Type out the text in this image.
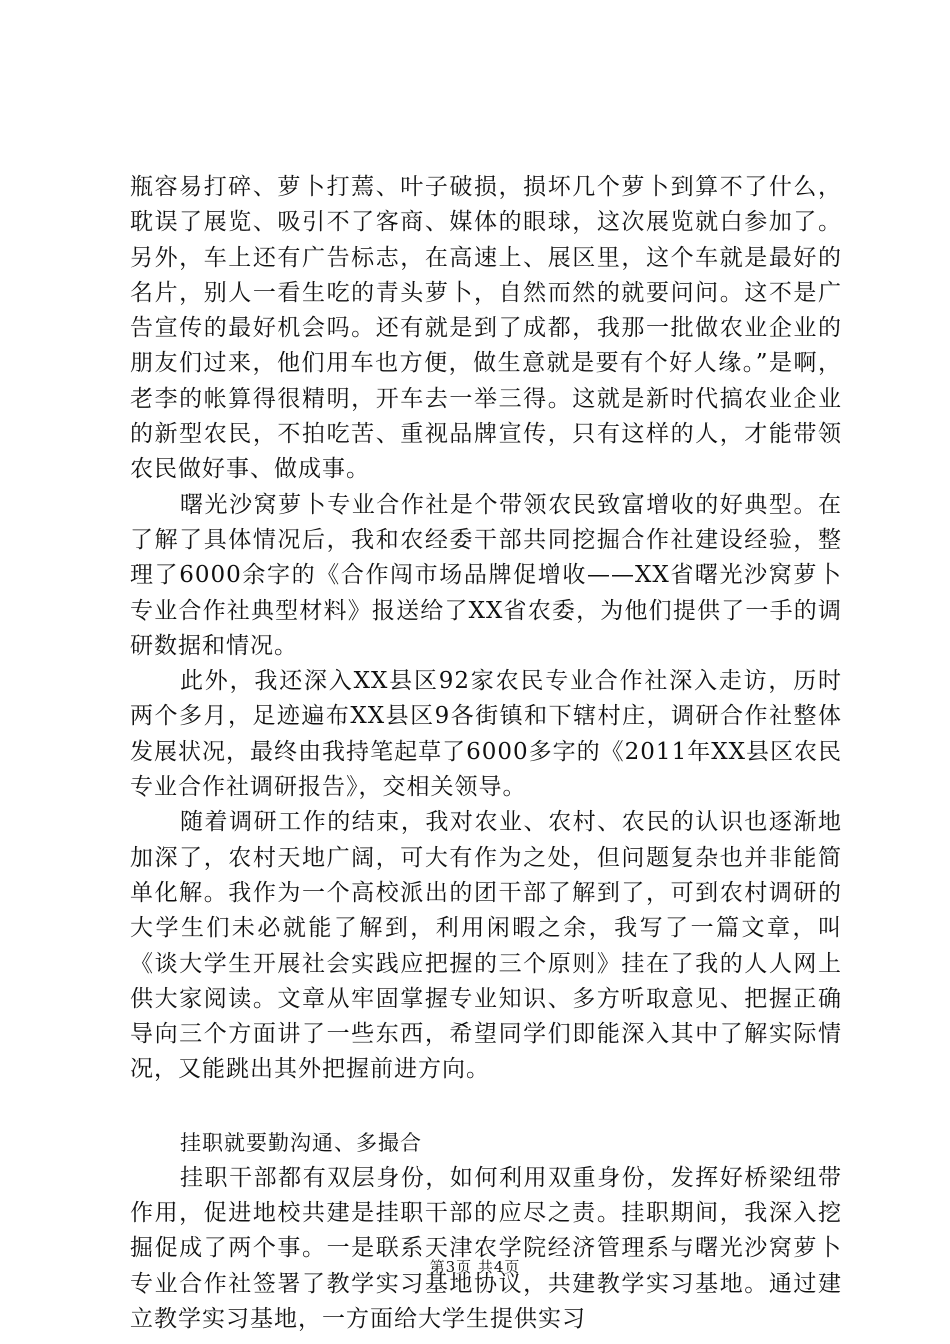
瓶容易打碎、萝卜打蔫、叶子破损，损坏几个萝卜到算不了什么，耽误了展览、吸引不了客商、媒体的眼球，这次展览就白参加了。另外，车上还有广告标志，在高速上、展区里，这个车就是最好的名片，别人一看生吃的青头萝卜，自然而然的就要问问。这不是广告宣传的最好机会吗。还有就是到了成都，我那一批做农业企业的朋友们过来，他们用车也方便，做生意就是要有个好人缘。”是啊，老李的帐算得很精明，开车去一举三得。这就是新时代搞农业企业的新型农民，不拍吃苦、重视品牌宣传，只有这样的人，才能带领农民做好事、做成事。

曙光沙窝萝卜专业合作社是个带领农民致富增收的好典型。在了解了具体情况后，我和农经委干部共同挖掘合作社建设经验，整理了6000余字的《合作闯市场品牌促增收——XX省曙光沙窝萝卜专业合作社典型材料》报送给了XX省农委，为他们提供了一手的调研数据和情况。

此外，我还深入XX县区92家农民专业合作社深入走访，历时两个多月，足迹遍布XX县区9各街镇和下辖村庄，调研合作社整体发展状况，最终由我持笔起草了6000多字的《2011年XX县区农民专业合作社调研报告》，交相关领导。

随着调研工作的结束，我对农业、农村、农民的认识也逐渐地加深了，农村天地广阔，可大有作为之处，但问题复杂也并非能简单化解。我作为一个高校派出的团干部了解到了，可到农村调研的大学生们未必就能了解到，利用闲暇之余，我写了一篇文章，叫《谈大学生开展社会实践应把握的三个原则》挂在了我的人人网上供大家阅读。文章从牢固掌握专业知识、多方听取意见、把握正确导向三个方面讲了一些东西，希望同学们即能深入其中了解实际情况，又能跳出其外把握前进方向。

挂职就要勤沟通、多撮合

挂职干部都有双层身份，如何利用双重身份，发挥好桥梁纽带作用，促进地校共建是挂职干部的应尽之责。挂职期间，我深入挖掘促成了两个事。一是联系天津农学院经济管理系与曙光沙窝萝卜专业合作社签署了教学实习基地协议，共建教学实习基地。通过建立教学实习基地，一方面给大学生提供实习

第3页 共4页
